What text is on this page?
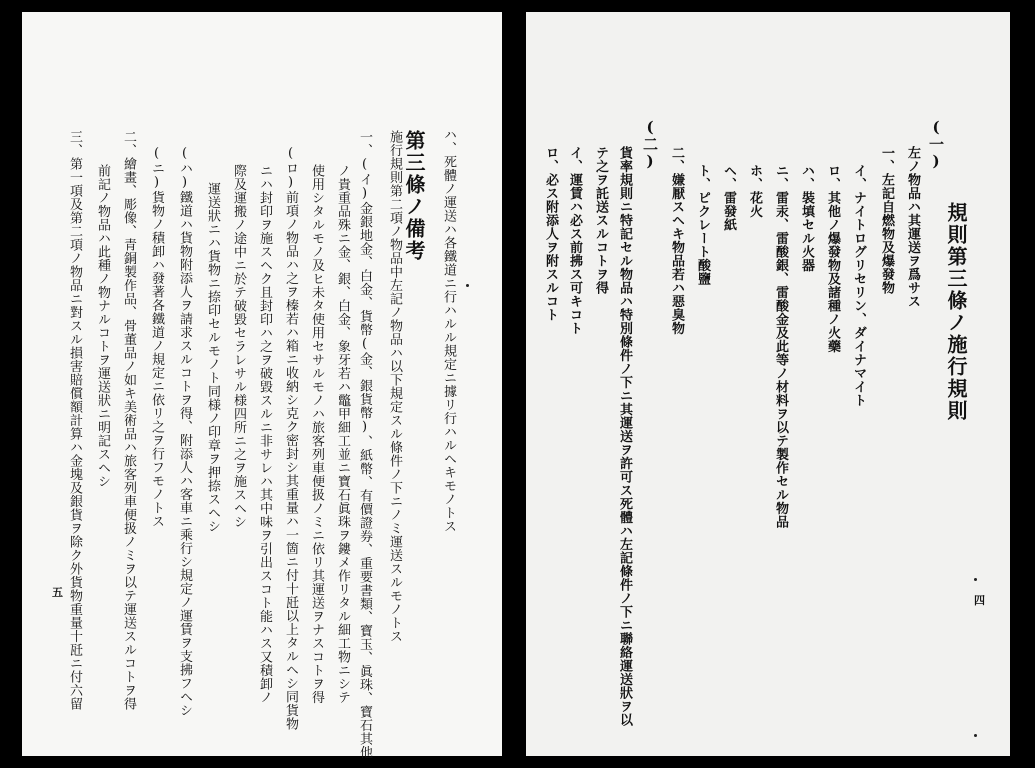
ハ、死體ノ運送ハ各鐵道ニ行ハルル規定ニ據リ行ハルヘキモノトス
第三條ノ備考
施行規則第二項ノ物品中左記ノ物品ハ以下規定スル條件ノ下ニノミ運送スルモノトス
一、(イ)金銀地金、白金、貨幣(金、銀貨幣)、紙幣、有價證券、重要書類、寶玉、眞珠、寶石其他
ノ貴重品殊ニ金、銀、白金、象牙若ハ鼈甲細工並ニ寶石眞珠ヲ鏤メ作リタル細工物ニシテ
使用シタルモノ及ヒ未タ使用セサルモノハ旅客列車便扱ノミニ依リ其運送ヲナスコトヲ得
(ロ)前項ノ物品ハ之ヲ榛若ハ箱ニ收納シ克ク密封シ其重量ハ一箇ニ付十瓩以上タルヘシ同貨物
ニハ封印ヲ施スヘク且封印ハ之ヲ破毀スルニ非サレハ其中味ヲ引出スコト能ハス又積卸ノ
際及運搬ノ途中ニ於テ破毀セラレサル様四所ニ之ヲ施スヘシ
運送狀ニハ貨物ニ捺印セルモノト同様ノ印章ヲ押捺スヘシ
(ハ)鐵道ハ貨物附添人ヲ請求スルコトヲ得、附添人ハ客車ニ乘行シ規定ノ運賃ヲ支拂フヘシ
(ニ)貨物ノ積卸ハ發著各鐵道ノ規定ニ依リ之ヲ行フモノトス
二、繪畫、彫像、青銅製作品、骨董品ノ如キ美術品ハ旅客列車便扱ノミヲ以テ運送スルコトヲ得
前記ノ物品ハ此種ノ物ナルコトヲ運送狀ニ明記スヘシ
三、第一項及第二項ノ物品ニ對スル損害賠償額計算ハ金塊及銀貨ヲ除ク外貨物重量十瓩ニ付六留
五
(一)
規則第三條ノ施行規則
左ノ物品ハ其運送ヲ爲サス
一、左記自燃物及爆發物
イ、ナイトログリセリン、ダイナマイト
ロ、其他ノ爆發物及諸種ノ火藥
ハ、裝填セル火器
ニ、雷汞、雷酸銀、雷酸金及此等ノ材料ヲ以テ製作セル物品
ホ、花火
ヘ、雷發紙
ト、ピクレート酸鹽
二、嫌厭スヘキ物品若ハ惡臭物
(二)
貨率規則ニ特記セル物品ハ特別條件ノ下ニ其運送ヲ許可ス死體ハ左記條件ノ下ニ聯絡運送狀ヲ以
テ之ヲ託送スルコトヲ得
イ、運賃ハ必ス前拂ス可キコト
ロ、必ス附添人ヲ附スルコト
四
